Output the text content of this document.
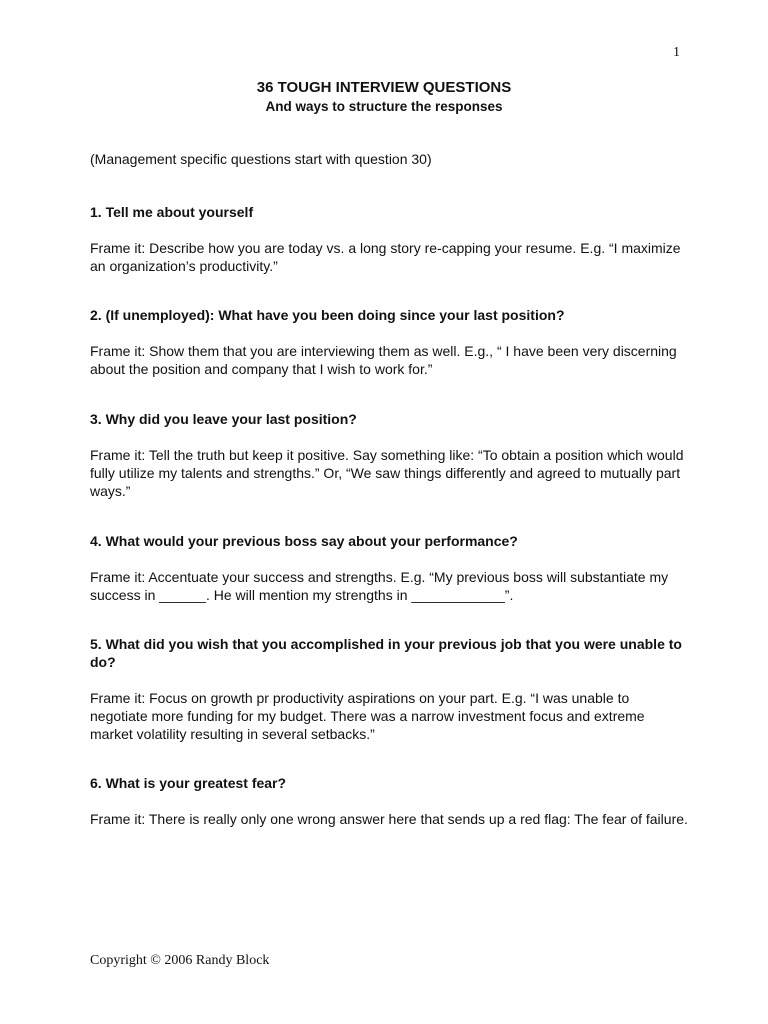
1
36 TOUGH INTERVIEW QUESTIONS
And ways to structure the responses
(Management specific questions start with question 30)
1. Tell me about yourself
Frame it: Describe how you are today vs. a long story re-capping your resume. E.g. “I maximize an organization’s productivity.”
2. (If unemployed): What have you been doing since your last position?
Frame it: Show them that you are interviewing them as well. E.g., “ I have been very discerning about the position and company that I wish to work for.”
3. Why did you leave your last position?
Frame it: Tell the truth but keep it positive. Say something like: “To obtain a position which would fully utilize my talents and strengths.” Or, “We saw things differently and agreed to mutually part ways.”
4. What would your previous boss say about your performance?
Frame it: Accentuate your success and strengths. E.g. “My previous boss will substantiate my success in ______. He will mention my strengths in ____________”.
5. What did you wish that you accomplished in your previous job that you were unable to do?
Frame it: Focus on growth pr productivity aspirations on your part. E.g. “I was unable to negotiate more funding for my budget. There was a narrow investment focus and extreme market volatility resulting in several setbacks.”
6. What is your greatest fear?
Frame it: There is really only one wrong answer here that sends up a red flag: The fear of failure.
Copyright © 2006 Randy Block
